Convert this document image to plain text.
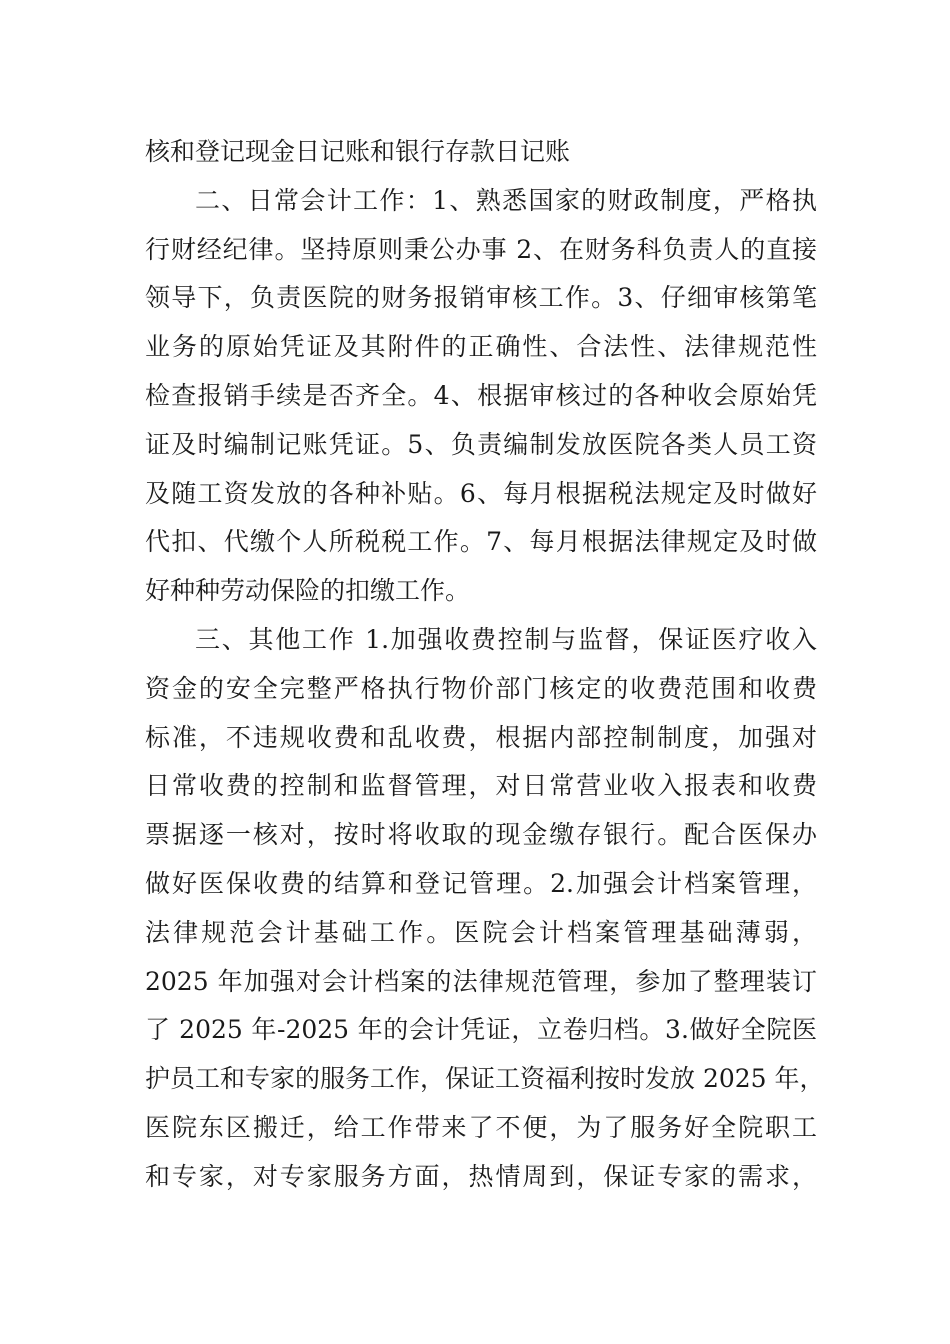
核和登记现金日记账和银行存款日记账
二、日常会计工作：1、熟悉国家的财政制度，严格执
行财经纪律。坚持原则秉公办事 2、在财务科负责人的直接
领导下，负责医院的财务报销审核工作。3、仔细审核第笔
业务的原始凭证及其附件的正确性、合法性、法律规范性
检查报销手续是否齐全。4、根据审核过的各种收会原始凭
证及时编制记账凭证。5、负责编制发放医院各类人员工资
及随工资发放的各种补贴。6、每月根据税法规定及时做好
代扣、代缴个人所税税工作。7、每月根据法律规定及时做
好种种劳动保险的扣缴工作。
三、其他工作 1.加强收费控制与监督，保证医疗收入
资金的安全完整严格执行物价部门核定的收费范围和收费
标准，不违规收费和乱收费，根据内部控制制度，加强对
日常收费的控制和监督管理，对日常营业收入报表和收费
票据逐一核对，按时将收取的现金缴存银行。配合医保办
做好医保收费的结算和登记管理。2.加强会计档案管理，
法律规范会计基础工作。医院会计档案管理基础薄弱，
2025 年加强对会计档案的法律规范管理，参加了整理装订
了 2025 年-2025 年的会计凭证，立卷归档。3.做好全院医
护员工和专家的服务工作，保证工资福利按时发放 2025 年，
医院东区搬迁，给工作带来了不便，为了服务好全院职工
和专家，对专家服务方面，热情周到，保证专家的需求，
